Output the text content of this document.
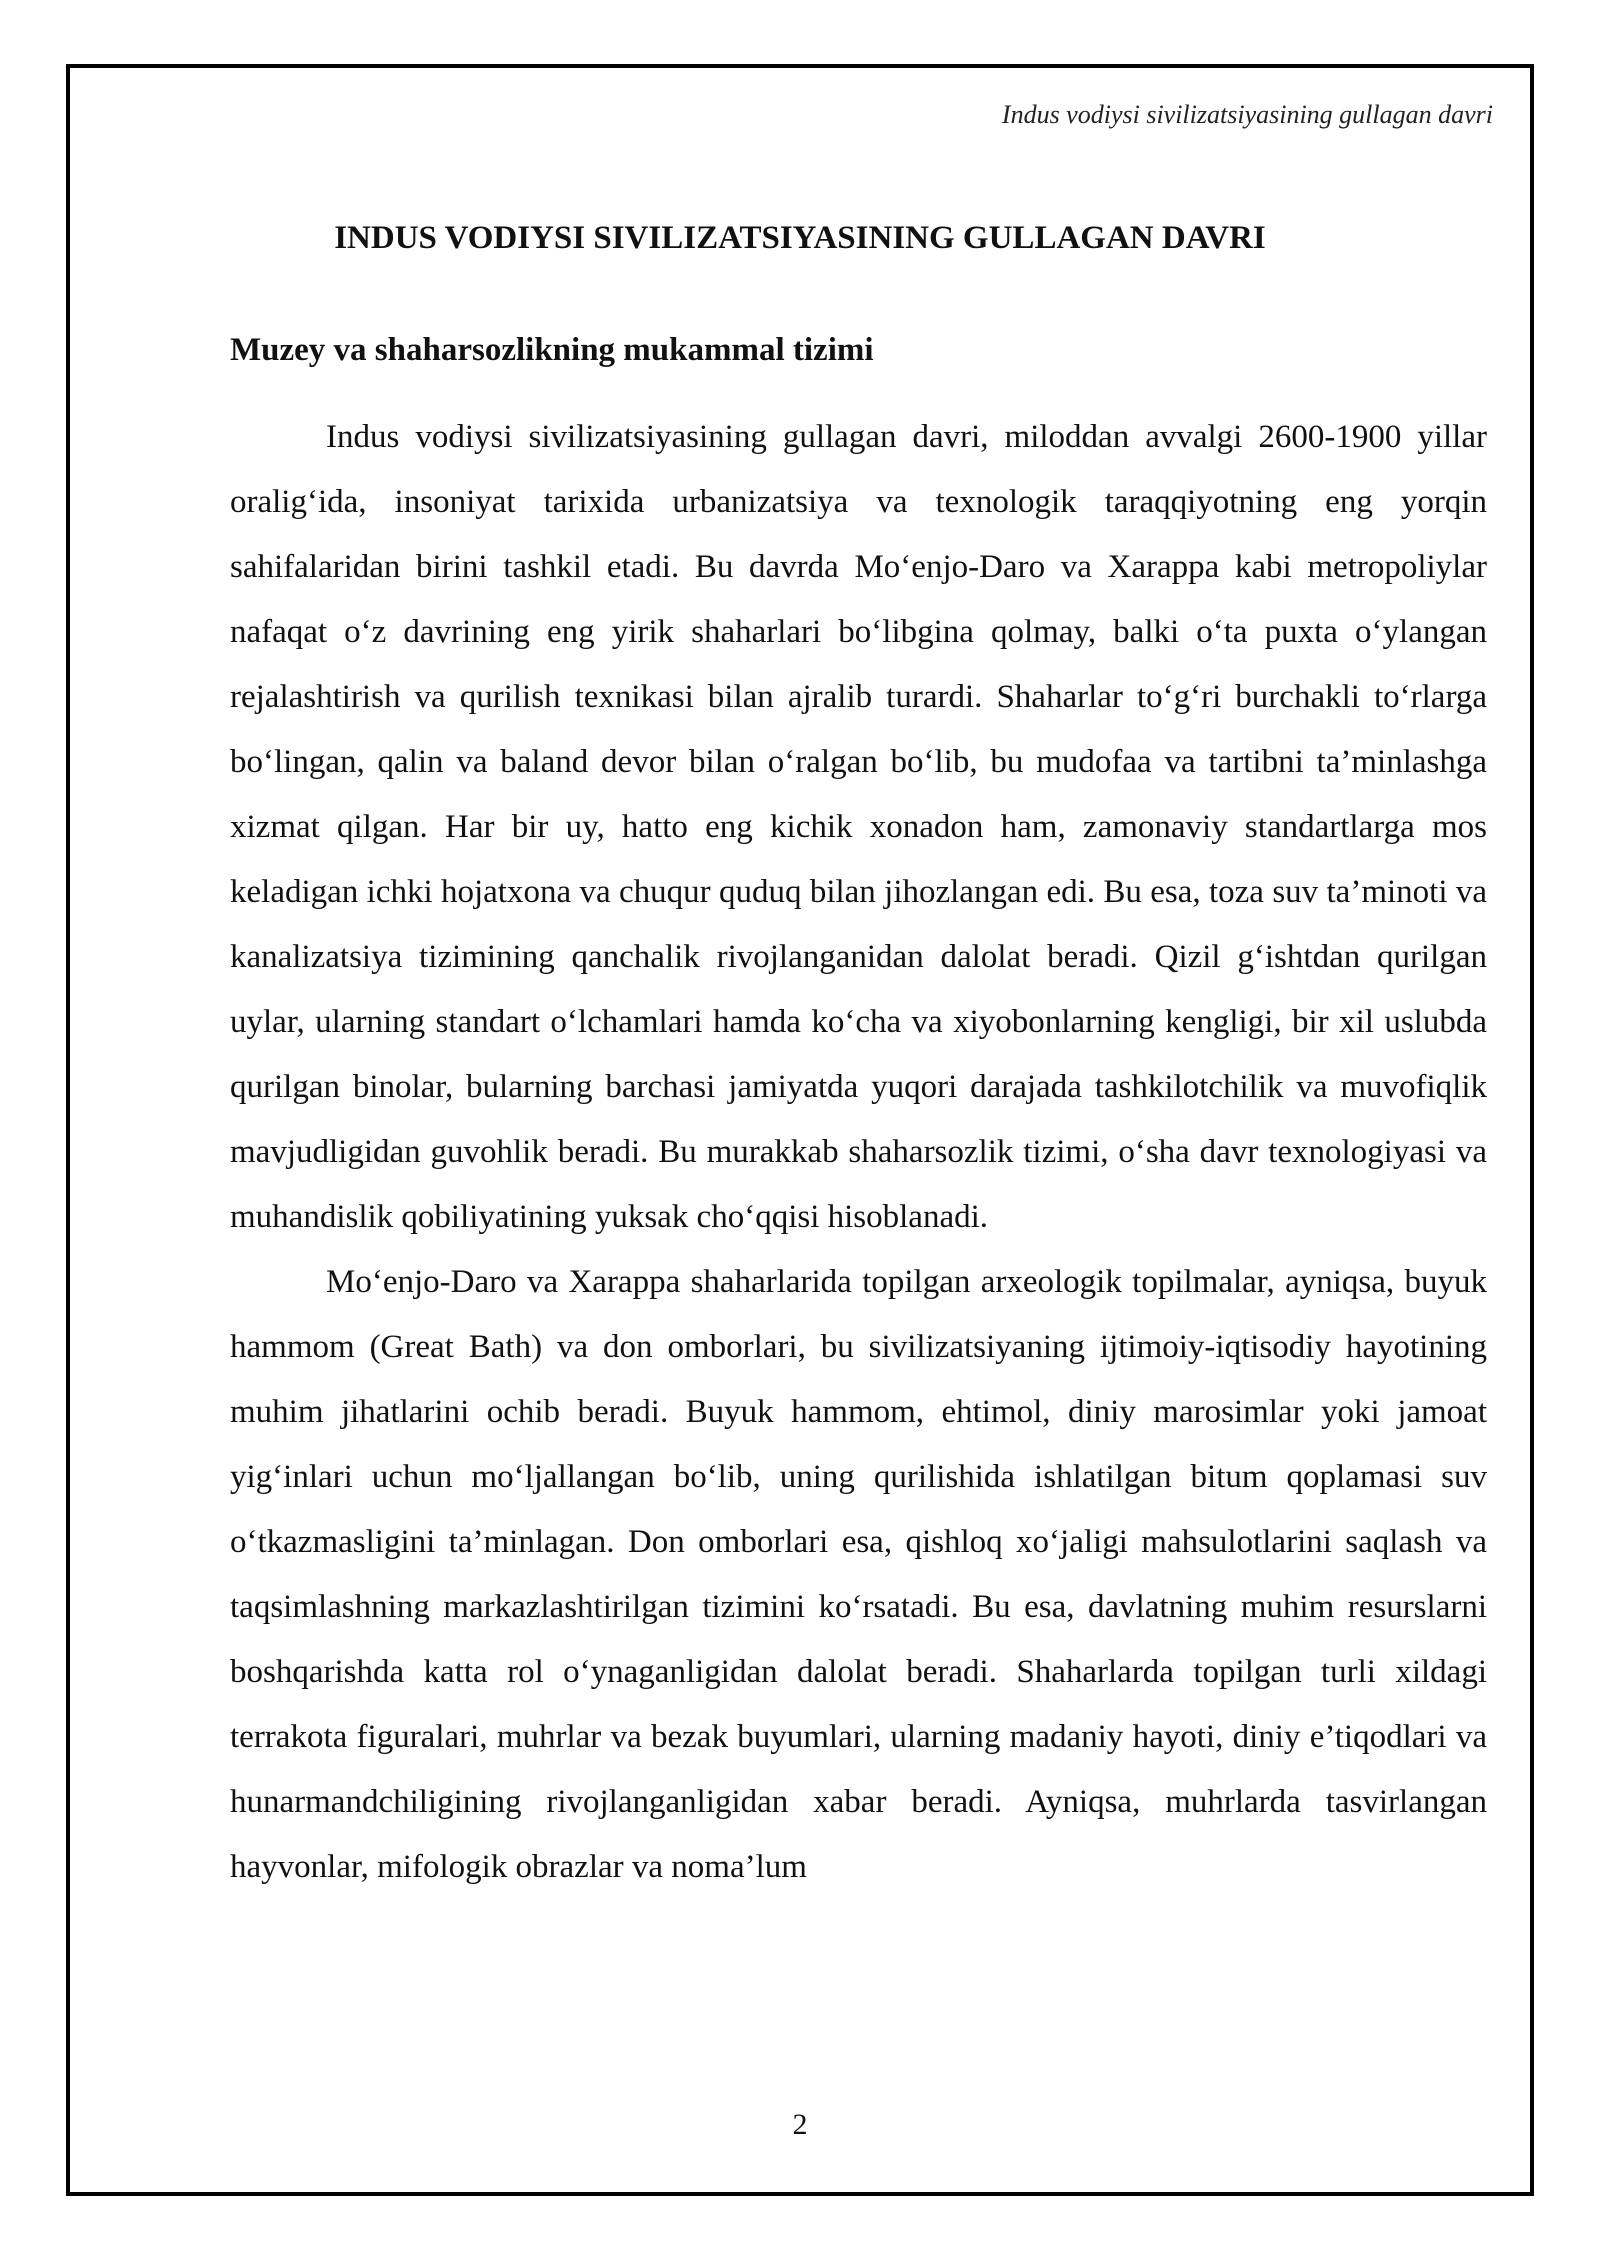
Indus vodiysi sivilizatsiyasining gullagan davri
INDUS VODIYSI SIVILIZATSIYASINING GULLAGAN DAVRI
Muzey va shaharsozlikning mukammal tizimi

Indus vodiysi sivilizatsiyasining gullagan davri, miloddan avvalgi 2600-1900 yillar oralig‘ida, insoniyat tarixida urbanizatsiya va texnologik taraqqiyotning eng yorqin sahifalaridan birini tashkil etadi. Bu davrda Mo‘enjo-Daro va Xarappa kabi metropoliylar nafaqat o‘z davrining eng yirik shaharlari bo‘libgina qolmay, balki o‘ta puxta o‘ylangan rejalashtirish va qurilish texnikasi bilan ajralib turardi. Shaharlar to‘g‘ri burchakli to‘rlarga bo‘lingan, qalin va baland devor bilan o‘ralgan bo‘lib, bu mudofaa va tartibni ta’minlashga xizmat qilgan. Har bir uy, hatto eng kichik xonadon ham, zamonaviy standartlarga mos keladigan ichki hojatxona va chuqur quduq bilan jihozlangan edi. Bu esa, toza suv ta’minoti va kanalizatsiya tizimining qanchalik rivojlanganidan dalolat beradi. Qizil g‘ishtdan qurilgan uylar, ularning standart o‘lchamlari hamda ko‘cha va xiyobonlarning kengligi, bir xil uslubda qurilgan binolar, bularning barchasi jamiyatda yuqori darajada tashkilotchilik va muvofiqlik mavjudligidan guvohlik beradi. Bu murakkab shaharsozlik tizimi, o‘sha davr texnologiyasi va muhandislik qobiliyatining yuksak cho‘qqisi hisoblanadi.

Mo‘enjo-Daro va Xarappa shaharlarida topilgan arxeologik topilmalar, ayniqsa, buyuk hammom (Great Bath) va don omborlari, bu sivilizatsiyaning ijtimoiy-iqtisodiy hayotining muhim jihatlarini ochib beradi. Buyuk hammom, ehtimol, diniy marosimlar yoki jamoat yig‘inlari uchun mo‘ljallangan bo‘lib, uning qurilishida ishlatilgan bitum qoplamasi suv o‘tkazmasligini ta’minlagan. Don omborlari esa, qishloq xo‘jaligi mahsulotlarini saqlash va taqsimlashning markazlashtirilgan tizimini ko‘rsatadi. Bu esa, davlatning muhim resurslarni boshqarishda katta rol o‘ynaganligidan dalolat beradi. Shaharlarda topilgan turli xildagi terrakota figuralari, muhrlar va bezak buyumlari, ularning madaniy hayoti, diniy e’tiqodlari va hunarmandchiligining rivojlanganligidan xabar beradi. Ayniqsa, muhrlarda tasvirlangan hayvonlar, mifologik obrazlar va noma’lum

2
